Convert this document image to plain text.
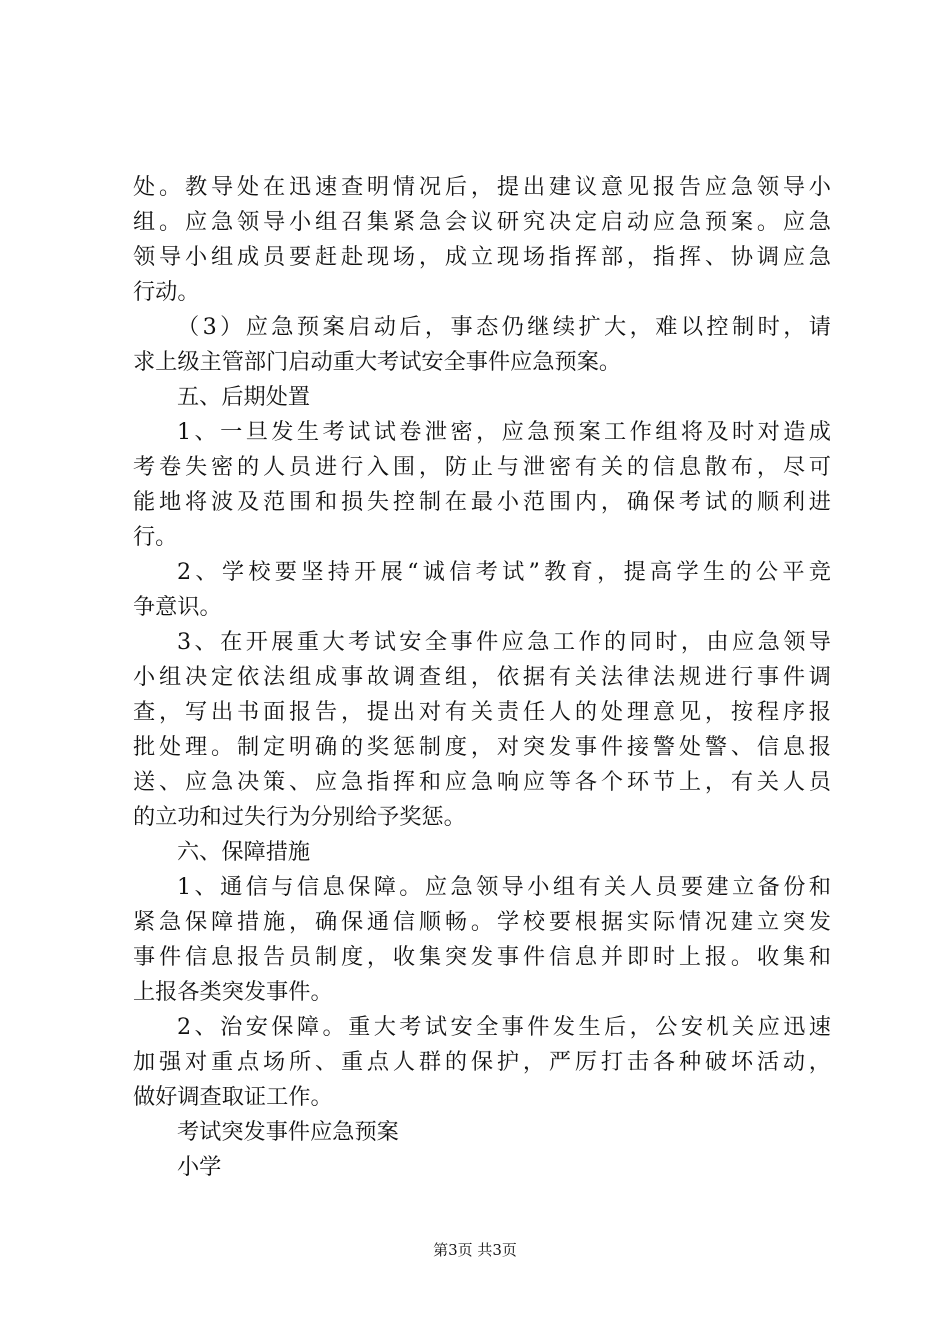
处。教导处在迅速查明情况后，提出建议意见报告应急领导小
组。应急领导小组召集紧急会议研究决定启动应急预案。应急
领导小组成员要赶赴现场，成立现场指挥部，指挥、协调应急
行动。
（3）应急预案启动后，事态仍继续扩大，难以控制时，请
求上级主管部门启动重大考试安全事件应急预案。
五、后期处置
1、一旦发生考试试卷泄密，应急预案工作组将及时对造成
考卷失密的人员进行入围，防止与泄密有关的信息散布，尽可
能地将波及范围和损失控制在最小范围内，确保考试的顺利进
行。
2、学校要坚持开展“诚信考试”教育，提高学生的公平竞
争意识。
3、在开展重大考试安全事件应急工作的同时，由应急领导
小组决定依法组成事故调查组，依据有关法律法规进行事件调
查，写出书面报告，提出对有关责任人的处理意见，按程序报
批处理。制定明确的奖惩制度，对突发事件接警处警、信息报
送、应急决策、应急指挥和应急响应等各个环节上，有关人员
的立功和过失行为分别给予奖惩。
六、保障措施
1、通信与信息保障。应急领导小组有关人员要建立备份和
紧急保障措施，确保通信顺畅。学校要根据实际情况建立突发
事件信息报告员制度，收集突发事件信息并即时上报。收集和
上报各类突发事件。
2、治安保障。重大考试安全事件发生后，公安机关应迅速
加强对重点场所、重点人群的保护，严厉打击各种破坏活动，
做好调查取证工作。
考试突发事件应急预案
小学
第3页 共3页
